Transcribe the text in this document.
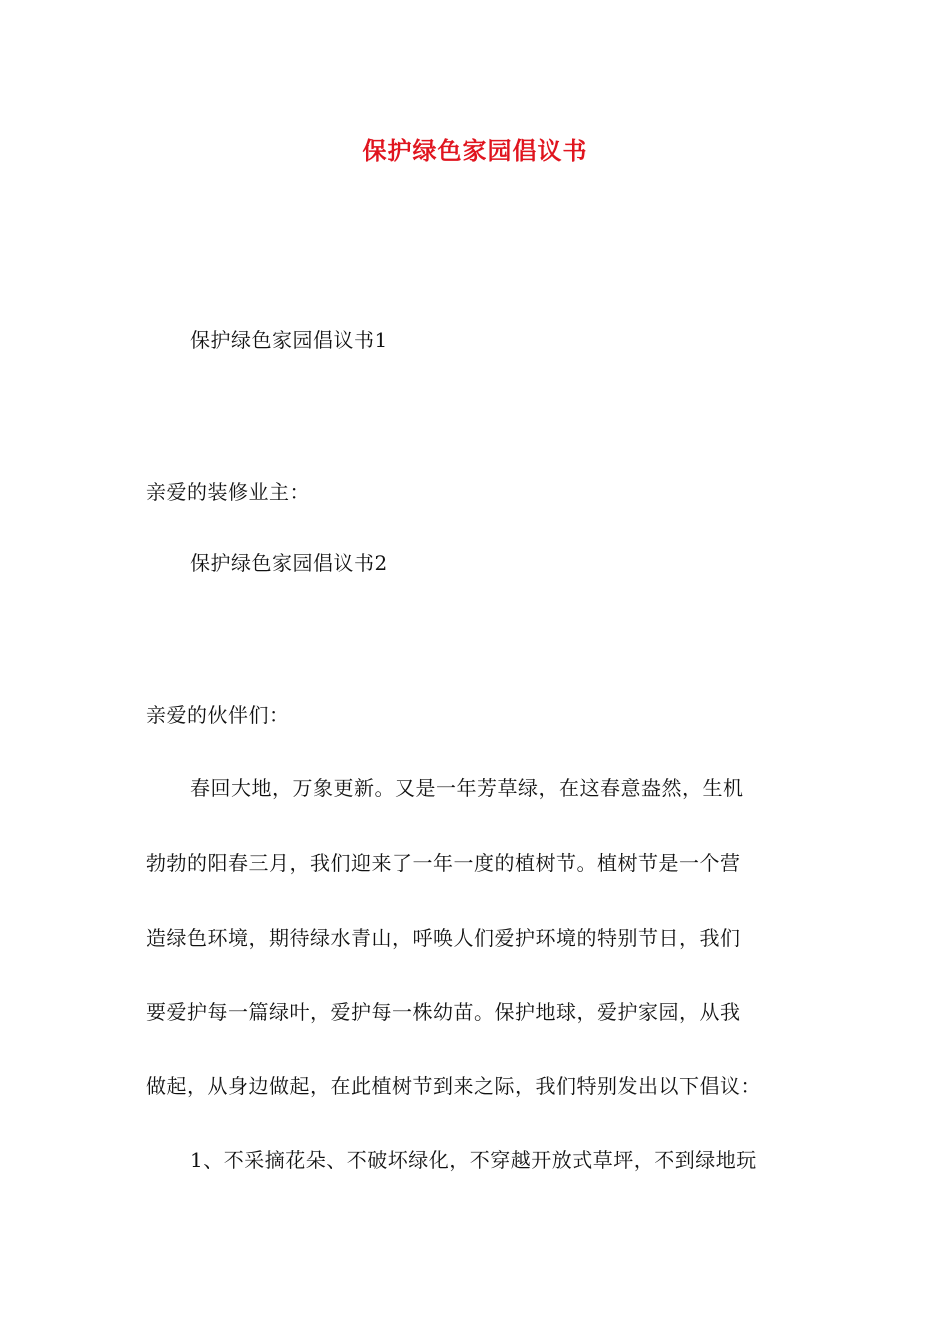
保护绿色家园倡议书
保护绿色家园倡议书1
亲爱的装修业主：
保护绿色家园倡议书2
亲爱的伙伴们：
春回大地，万象更新。又是一年芳草绿，在这春意盎然，生机
勃勃的阳春三月，我们迎来了一年一度的植树节。植树节是一个营
造绿色环境，期待绿水青山，呼唤人们爱护环境的特别节日，我们
要爱护每一篇绿叶，爱护每一株幼苗。保护地球，爱护家园，从我
做起，从身边做起，在此植树节到来之际，我们特别发出以下倡议：
1、不采摘花朵、不破坏绿化，不穿越开放式草坪，不到绿地玩
